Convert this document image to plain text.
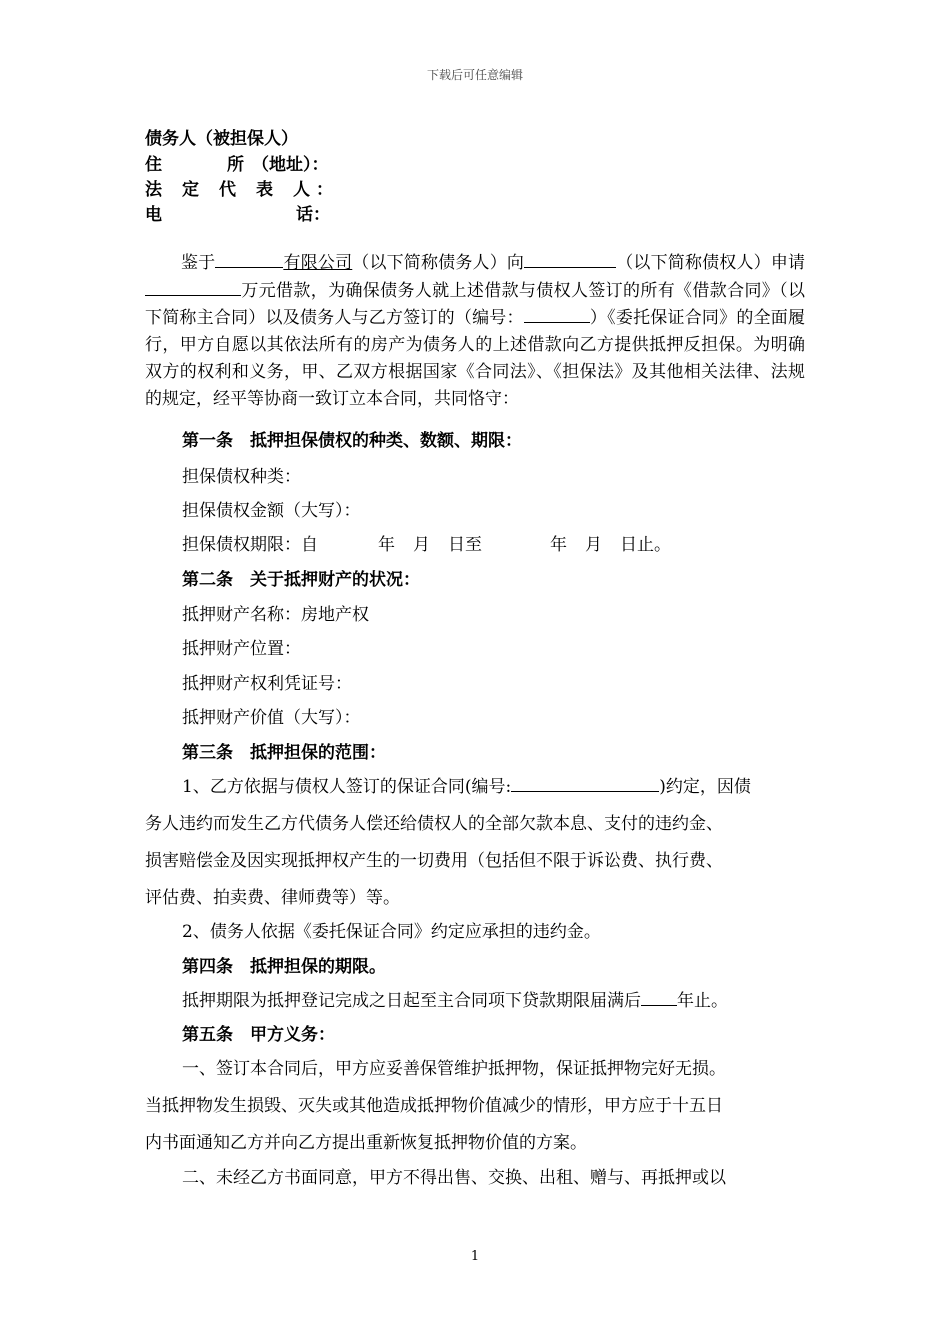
下载后可任意编辑
债务人（被担保人）
住	所 （地址）：
法 定 代 表 人 ：
电	话：

鉴于	有限公司（以下简称债务人）向	（以下简称债权人）申请万元借款，为确保债务人就上述借款与债权人签订的所有《借款合同》（以下简称主合同）以及债务人与乙方签订的（编号：	）《委托保证合同》的全面履行，甲方自愿以其依法所有的房产为债务人的上述借款向乙方提供抵押反担保。为明确双方的权利和义务，甲、乙双方根据国家《合同法》、《担保法》及其他相关法律、法规的规定，经平等协商一致订立本合同，共同恪守：

第一条　抵押担保债权的种类、数额、期限：
担保债权种类：
担保债权金额（大写）：
担保债权期限：自	年 月 日至	年 月 日止。
第二条　关于抵押财产的状况：
抵押财产名称：房地产权
抵押财产位置：
抵押财产权利凭证号：
抵押财产价值（大写）：
第三条　抵押担保的范围：
1、乙方依据与债权人签订的保证合同(编号:	)约定，因债
务人违约而发生乙方代债务人偿还给债权人的全部欠款本息、支付的违约金、
损害赔偿金及因实现抵押权产生的一切费用（包括但不限于诉讼费、执行费、
评估费、拍卖费、律师费等）等。
2、债务人依据《委托保证合同》约定应承担的违约金。
第四条　抵押担保的期限。
抵押期限为抵押登记完成之日起至主合同项下贷款期限届满后 年止。
第五条　甲方义务：
一、签订本合同后，甲方应妥善保管维护抵押物，保证抵押物完好无损。
当抵押物发生损毁、灭失或其他造成抵押物价值减少的情形，甲方应于十五日
内书面通知乙方并向乙方提出重新恢复抵押物价值的方案。
二、未经乙方书面同意，甲方不得出售、交换、出租、赠与、再抵押或以
1
